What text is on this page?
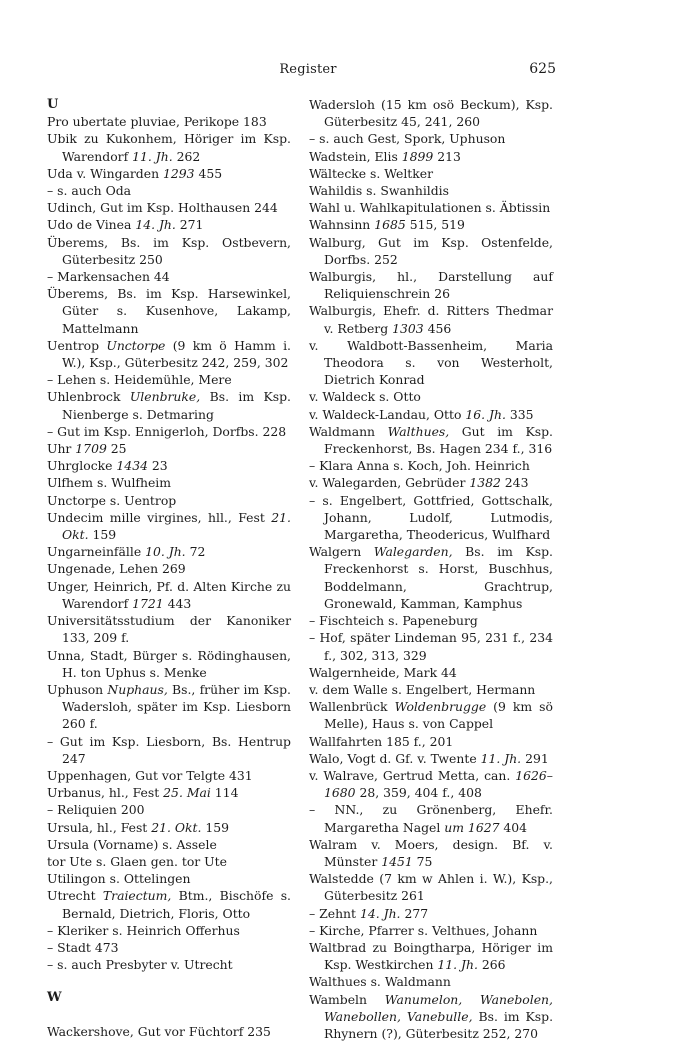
Register	625
U
Pro ubertate pluviae, Perikope 183
Ubik zu Kukonhem, Höriger im Ksp. Warendorf 11. Jh. 262
Uda v. Wingarden 1293 455
– s. auch Oda
Udinch, Gut im Ksp. Holthausen 244
Udo de Vinea 14. Jh. 271
Überems, Bs. im Ksp. Ostbevern, Güterbesitz 250
– Markensachen 44
Überems, Bs. im Ksp. Harsewinkel, Güter s. Kusenhove, Lakamp, Mattelmann
Uentrop Unctorpe (9 km ö Hamm i. W.), Ksp., Güterbesitz 242, 259, 302
– Lehen s. Heidemühle, Mere
Uhlenbrock Ulenbruke, Bs. im Ksp. Nienberge s. Detmaring
– Gut im Ksp. Ennigerloh, Dorfbs. 228
Uhr 1709 25
Uhrglocke 1434 23
Ulfhem s. Wulfheim
Unctorpe s. Uentrop
Undecim mille virgines, hll., Fest 21. Okt. 159
Ungarneinfälle 10. Jh. 72
Ungenade, Lehen 269
Unger, Heinrich, Pf. d. Alten Kirche zu Warendorf 1721 443
Universitätsstudium der Kanoniker 133, 209 f.
Unna, Stadt, Bürger s. Rödinghausen, H. ton Uphus s. Menke
Uphuson Nuphaus, Bs., früher im Ksp. Wadersloh, später im Ksp. Liesborn 260 f.
– Gut im Ksp. Liesborn, Bs. Hentrup 247
Uppenhagen, Gut vor Telgte 431
Urbanus, hl., Fest 25. Mai 114
– Reliquien 200
Ursula, hl., Fest 21. Okt. 159
Ursula (Vorname) s. Assele
tor Ute s. Glaen gen. tor Ute
Utilingon s. Ottelingen
Utrecht Traiectum, Btm., Bischöfe s. Bernald, Dietrich, Floris, Otto
– Kleriker s. Heinrich Offerhus
– Stadt 473
– s. auch Presbyter v. Utrecht
W
Wackershove, Gut vor Füchtorf 235
Wadersloh (15 km osö Beckum), Ksp. Güterbesitz 45, 241, 260
– s. auch Gest, Spork, Uphuson
Wadstein, Elis 1899 213
Wältecke s. Weltker
Wahildis s. Swanhildis
Wahl u. Wahlkapitulationen s. Äbtissin
Wahnsinn 1685 515, 519
Walburg, Gut im Ksp. Ostenfelde, Dorfbs. 252
Walburgis, hl., Darstellung auf Reliquienschrein 26
Walburgis, Ehefr. d. Ritters Thedmar v. Retberg 1303 456
v. Waldbott-Bassenheim, Maria Theodora s. von Westerholt, Dietrich Konrad
v. Waldeck s. Otto
v. Waldeck-Landau, Otto 16. Jh. 335
Waldmann Walthues, Gut im Ksp. Freckenhorst, Bs. Hagen 234 f., 316
– Klara Anna s. Koch, Joh. Heinrich
v. Walegarden, Gebrüder 1382 243
– s. Engelbert, Gottfried, Gottschalk, Johann, Ludolf, Lutmodis, Margaretha, Theodericus, Wulfhard
Walgern Walegarden, Bs. im Ksp. Freckenhorst s. Horst, Buschhus, Boddelmann, Grachtrup, Gronewald, Kamman, Kamphus
– Fischteich s. Papeneburg
– Hof, später Lindeman 95, 231 f., 234 f., 302, 313, 329
Walgernheide, Mark 44
v. dem Walle s. Engelbert, Hermann
Wallenbrück Woldenbrugge (9 km sö Melle), Haus s. von Cappel
Wallfahrten 185 f., 201
Walo, Vogt d. Gf. v. Twente 11. Jh. 291
v. Walrave, Gertrud Metta, can. 1626–1680 28, 359, 404 f., 408
– NN., zu Grönenberg, Ehefr. Margaretha Nagel um 1627 404
Walram v. Moers, design. Bf. v. Münster 1451 75
Walstedde (7 km w Ahlen i. W.), Ksp., Güterbesitz 261
– Zehnt 14. Jh. 277
– Kirche, Pfarrer s. Velthues, Johann
Waltbrad zu Boingtharpa, Höriger im Ksp. Westkirchen 11. Jh. 266
Walthues s. Waldmann
Wambeln Wanumelon, Wanebolen, Wanebollen, Vanebulle, Bs. im Ksp. Rhynern (?), Güterbesitz 252, 270
